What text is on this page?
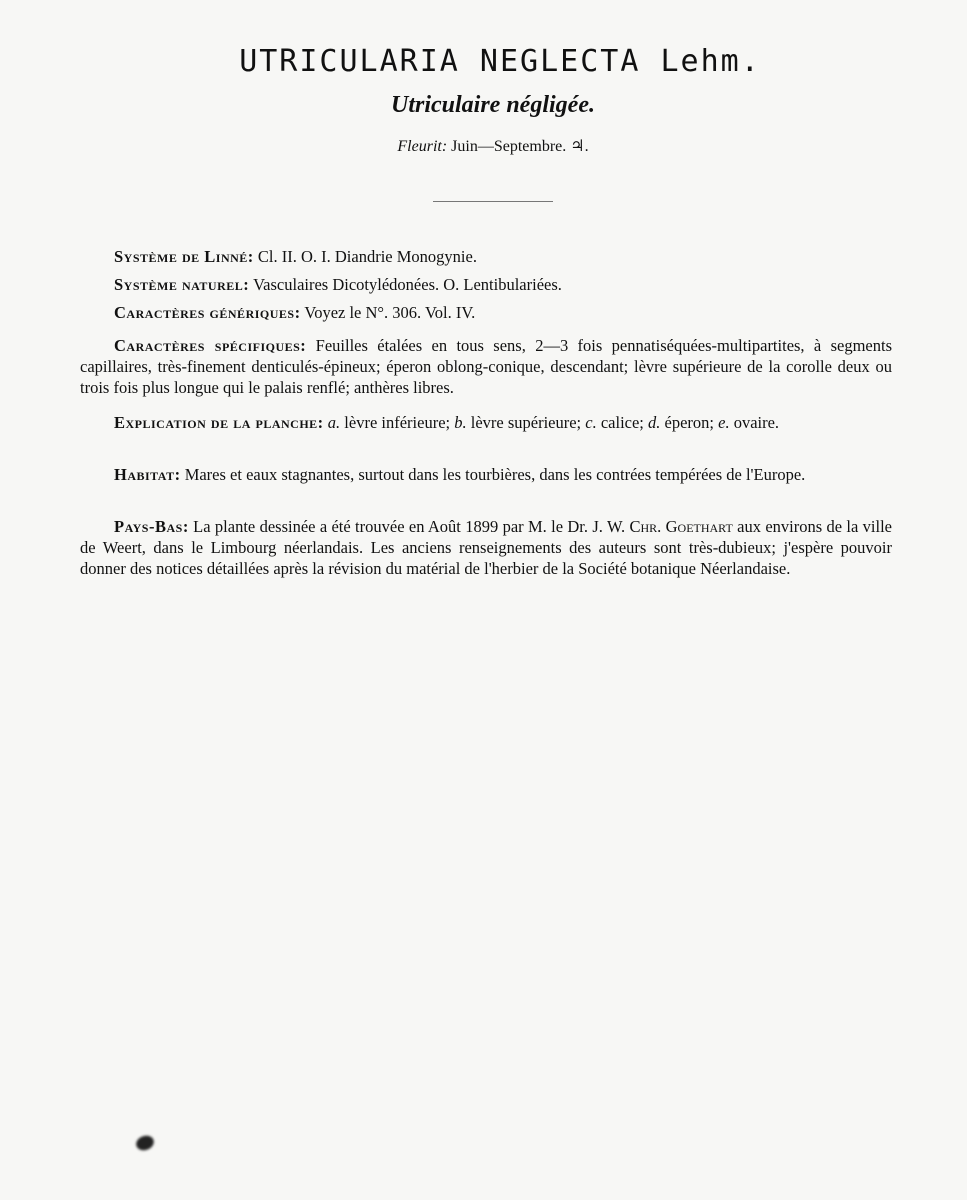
UTRICULARIA NEGLECTA Lehm.
Utriculaire négligée.
Fleurit: Juin—Septembre. ♃.

Système de Linné: Cl. II. O. I. Diandrie Monogynie.

Système naturel: Vasculaires Dicotylédonées. O. Lentibulariées.

Caractères génériques: Voyez le N°. 306. Vol. IV.

Caractères spécifiques: Feuilles étalées en tous sens, 2—3 fois pennatiséquées-multipartites, à segments capillaires, très-finement denticulés-épineux; éperon oblong-conique, descendant; lèvre supérieure de la corolle deux ou trois fois plus longue qui le palais renflé; anthères libres.

Explication de la planche: a. lèvre inférieure; b. lèvre supérieure; c. calice; d. éperon; e. ovaire.

Habitat: Mares et eaux stagnantes, surtout dans les tourbières, dans les contrées tempérées de l'Europe.

Pays-Bas: La plante dessinée a été trouvée en Août 1899 par M. le Dr. J. W. Chr. Goethart aux environs de la ville de Weert, dans le Limbourg néerlandais. Les anciens renseignements des auteurs sont très-dubieux; j'espère pouvoir donner des notices détaillées après la révision du matérial de l'herbier de la Société botanique Néerlandaise.
